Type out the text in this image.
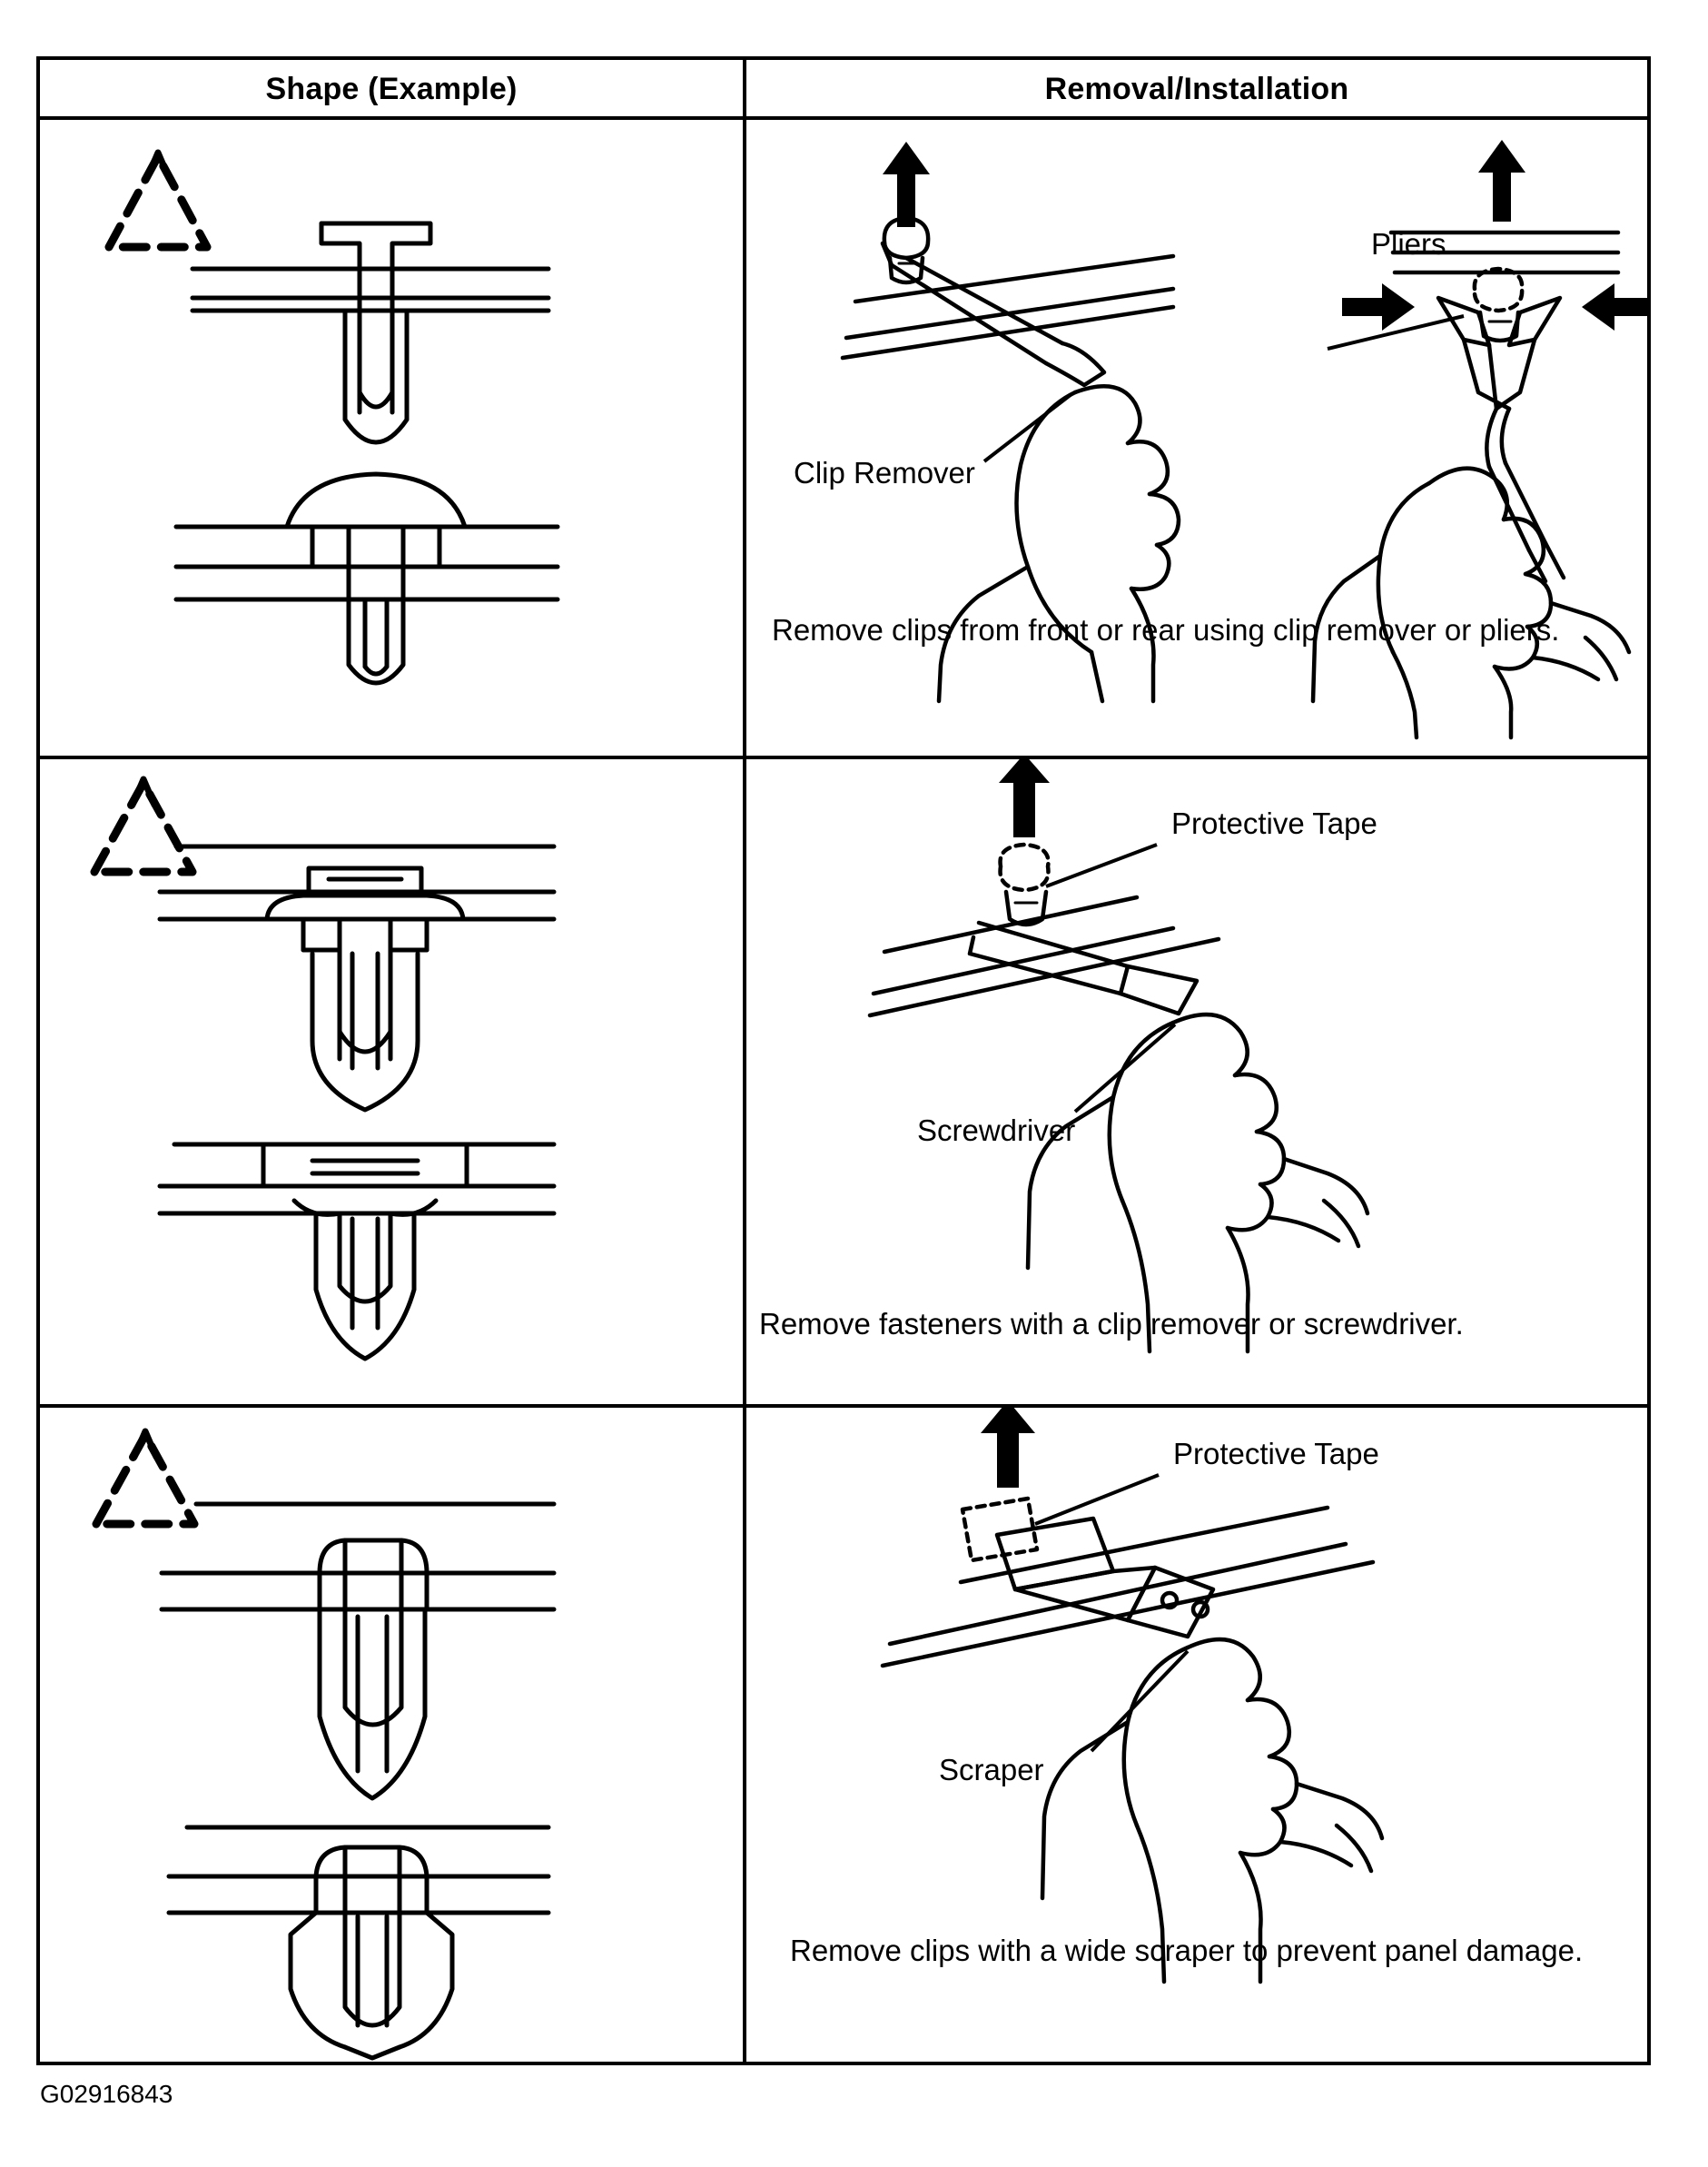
Shape (Example)	Removal/Installation
Pliers
Clip Remover
Remove clips from front or rear using clip remover or pliers.
Protective Tape
Screwdriver
Remove fasteners with a clip remover or screwdriver.
Protective Tape
Scraper
Remove clips with a wide scraper to prevent panel damage.
G02916843
